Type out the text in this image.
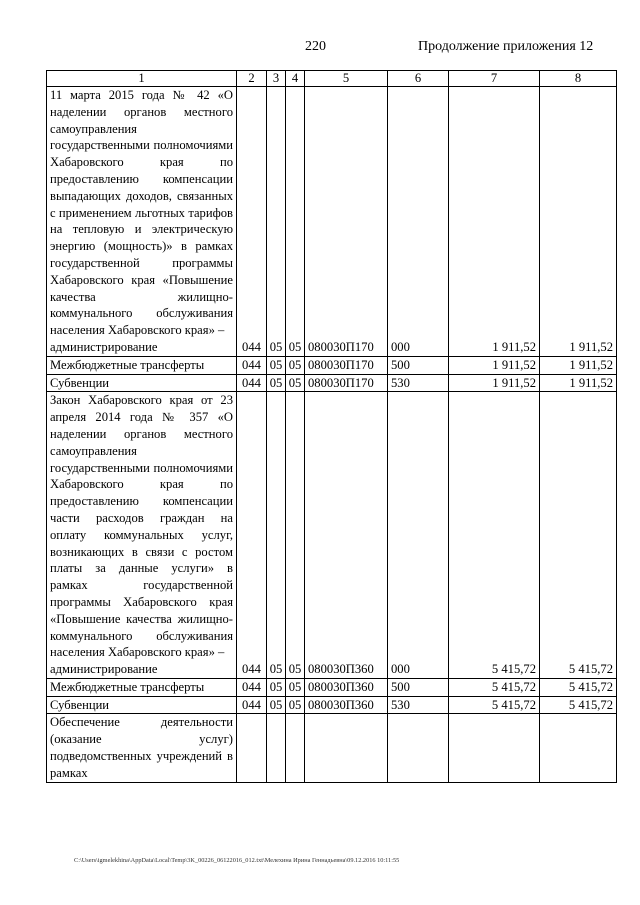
220	Продолжение приложения 12
1	2	3	4	5	6	7	8
11 марта 2015 года № 42 «О наделении органов местного самоуправления государственными полномочиями Хабаровского края по предоставлению компенсации выпадающих доходов, связанных с применением льготных тарифов на тепловую и электрическую энергию (мощность)» в рамках государственной программы Хабаровского края «Повышение качества жилищно-коммунального обслуживания населения Хабаровского края» –
администрирование	044	05	05	080030П170	000	1 911,52	1 911,52
Межбюджетные трансферты	044	05	05	080030П170	500	1 911,52	1 911,52
Субвенции	044	05	05	080030П170	530	1 911,52	1 911,52
Закон Хабаровского края от 23 апреля 2014 года № 357 «О наделении органов местного самоуправления государственными полномочиями Хабаровского края по предоставлению компенсации части расходов граждан на оплату коммунальных услуг, возникающих в связи с ростом платы за данные услуги» в рамках государственной программы Хабаровского края «Повышение качества жилищно-коммунального обслуживания населения Хабаровского края» –
администрирование	044	05	05	080030П360	000	5 415,72	5 415,72
Межбюджетные трансферты	044	05	05	080030П360	500	5 415,72	5 415,72
Субвенции	044	05	05	080030П360	530	5 415,72	5 415,72
Обеспечение деятельности (оказание услуг) подведомственных учреждений в рамках							
C:\Users\igmelekhina\AppData\Local\Temp\3K_00226_06122016_012.txt\Мелехина Ирина Геннадьевна\09.12.2016 10:11:55
